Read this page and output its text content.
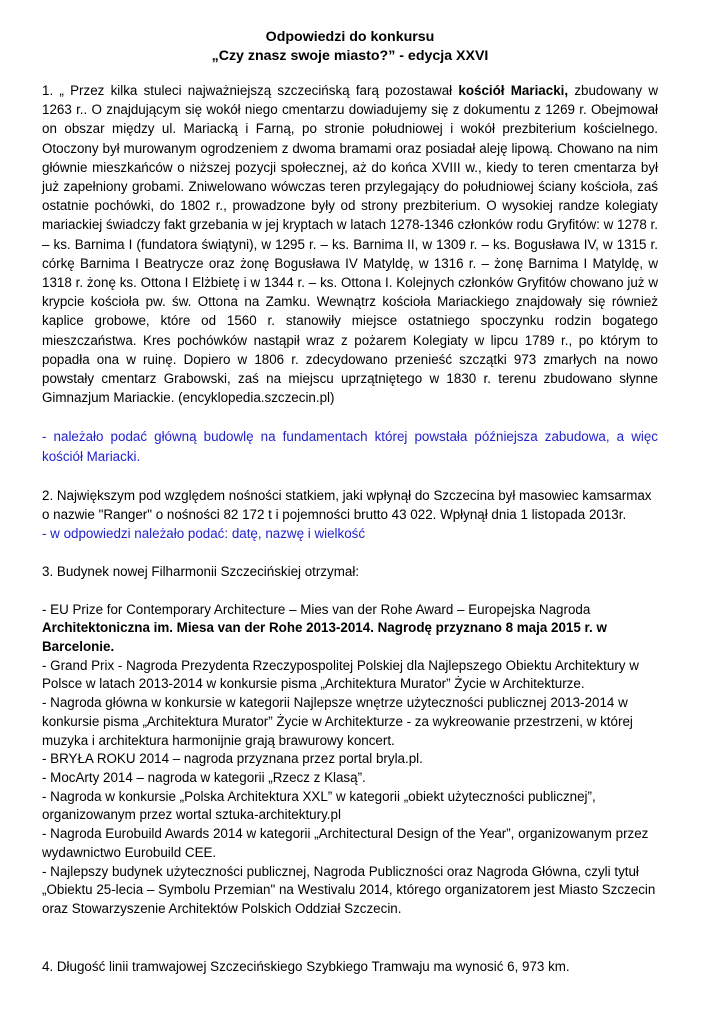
Odpowiedzi do konkursu

„Czy znasz swoje miasto?” - edycja XXVI

1. „ Przez kilka stuleci najważniejszą szczecińską farą pozostawał kościół Mariacki, zbudowany w 1263 r.. O znajdującym się wokół niego cmentarzu dowiadujemy się z dokumentu z 1269 r. Obejmował on obszar między ul. Mariacką i Farną, po stronie południowej i wokół prezbiterium kościelnego. Otoczony był murowanym ogrodzeniem z dwoma bramami oraz posiadał aleję lipową. Chowano na nim głównie mieszkańców o niższej pozycji społecznej, aż do końca XVIII w., kiedy to teren cmentarza był już zapełniony grobami. Zniwelowano wówczas teren przylegający do południowej ściany kościoła, zaś ostatnie pochówki, do 1802 r., prowadzone były od strony prezbiterium. O wysokiej randze kolegiaty mariackiej świadczy fakt grzebania w jej kryptach w latach 1278-1346 członków rodu Gryfitów: w 1278 r. – ks. Barnima I (fundatora świątyni), w 1295 r. – ks. Barnima II, w 1309 r. – ks. Bogusława IV, w 1315 r. córkę Barnima I Beatrycze oraz żonę Bogusława IV Matyldę, w 1316 r. – żonę Barnima I Matyldę, w 1318 r. żonę ks. Ottona I Elżbietę i w 1344 r. – ks. Ottona I. Kolejnych członków Gryfitów chowano już w krypcie kościoła pw. św. Ottona na Zamku. Wewnątrz kościoła Mariackiego znajdowały się również kaplice grobowe, które od 1560 r. stanowiły miejsce ostatniego spoczynku rodzin bogatego mieszczaństwa. Kres pochówków nastąpił wraz z pożarem Kolegiaty w lipcu 1789 r., po którym to popadła ona w ruinę. Dopiero w 1806 r. zdecydowano przenieść szczątki 973 zmarłych na nowo powstały cmentarz Grabowski, zaś na miejscu uprzątniętego w 1830 r. terenu zbudowano słynne Gimnazjum Mariackie. (encyklopedia.szczecin.pl)

- należało podać główną budowlę na fundamentach której powstała późniejsza zabudowa, a więc kościół Mariacki.

2. Największym pod względem nośności statkiem, jaki wpłynął do Szczecina był masowiec kamsarmax o nazwie "Ranger" o nośności 82 172 t i pojemności brutto 43 022. Wpłynął dnia 1 listopada 2013r.

- w odpowiedzi należało podać: datę, nazwę i wielkość

3. Budynek nowej Filharmonii Szczecińskiej otrzymał:

- EU Prize for Contemporary Architecture – Mies van der Rohe Award – Europejska Nagroda Architektoniczna im. Miesa van der Rohe 2013-2014. Nagrodę przyznano 8 maja 2015 r. w Barcelonie.

- Grand Prix - Nagroda Prezydenta Rzeczypospolitej Polskiej dla Najlepszego Obiektu Architektury w Polsce w latach 2013-2014 w konkursie pisma „Architektura Murator” Życie w Architekturze.

- Nagroda główna w konkursie w kategorii Najlepsze wnętrze użyteczności publicznej 2013-2014 w konkursie pisma „Architektura Murator” Życie w Architekturze - za wykreowanie przestrzeni, w której muzyka i architektura harmonijnie grają brawurowy koncert.

- BRYŁA ROKU 2014 – nagroda przyznana przez portal bryla.pl.

- MocArty 2014 – nagroda w kategorii „Rzecz z Klasą”.

- Nagroda w konkursie „Polska Architektura XXL” w kategorii „obiekt użyteczności publicznej”, organizowanym przez wortal sztuka-architektury.pl

- Nagroda Eurobuild Awards 2014 w kategorii „Architectural Design of the Year”, organizowanym przez wydawnictwo Eurobuild CEE.

- Najlepszy budynek użyteczności publicznej, Nagroda Publiczności oraz Nagroda Główna, czyli tytuł „Obiektu 25-lecia – Symbolu Przemian" na Westivalu 2014, którego organizatorem jest Miasto Szczecin oraz Stowarzyszenie Architektów Polskich Oddział Szczecin.

4. Długość linii tramwajowej Szczecińskiego Szybkiego Tramwaju ma wynosić 6, 973 km.
